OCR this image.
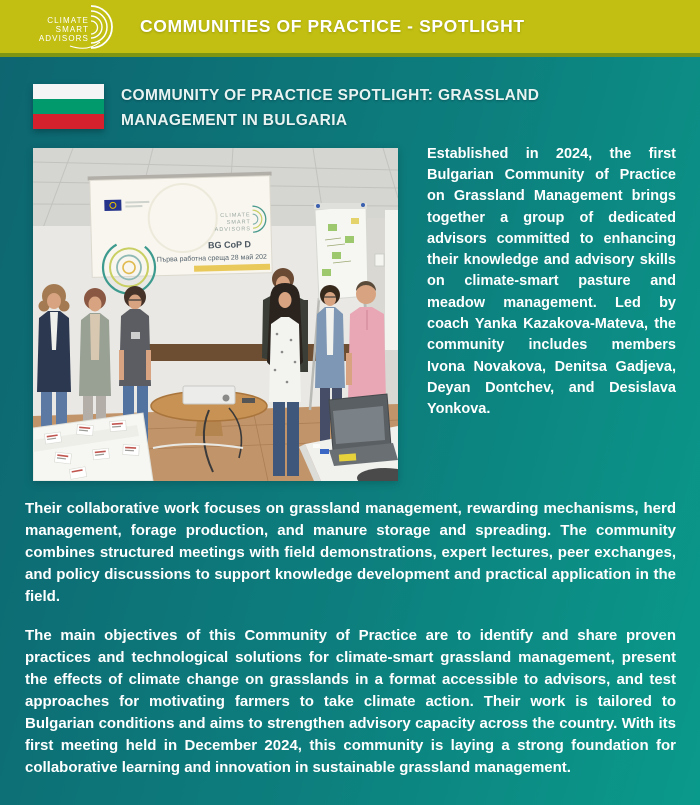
CLIMATE
SMART
ADVISORS
COMMUNITIES OF PRACTICE - SPOTLIGHT
COMMUNITY OF PRACTICE SPOTLIGHT: GRASSLAND MANAGEMENT IN BULGARIA
CLIMATE
SMART
ADVISORS
BG CoP D
Първа работна среща 28 май 202
Established in 2024, the first Bulgarian Community of Practice on Grassland Management brings together a group of dedicated advisors committed to enhancing their knowledge and advisory skills on climate-smart pasture and meadow management. Led by coach Yanka Kazakova-Mateva, the community includes members Ivona Novakova, Denitsa Gadjeva, Deyan Dontchev, and Desislava Yonkova.

Their collaborative work focuses on grassland management, rewarding mechanisms, herd management, forage production, and manure storage and spreading. The community combines structured meetings with field demonstrations, expert lectures, peer exchanges, and policy discussions to support knowledge development and practical application in the field.

The main objectives of this Community of Practice are to identify and share proven practices and technological solutions for climate-smart grassland management, present the effects of climate change on grasslands in a format accessible to advisors, and test approaches for motivating farmers to take climate action. Their work is tailored to Bulgarian conditions and aims to strengthen advisory capacity across the country. With its first meeting held in December 2024, this community is laying a strong foundation for collaborative learning and innovation in sustainable grassland management.
